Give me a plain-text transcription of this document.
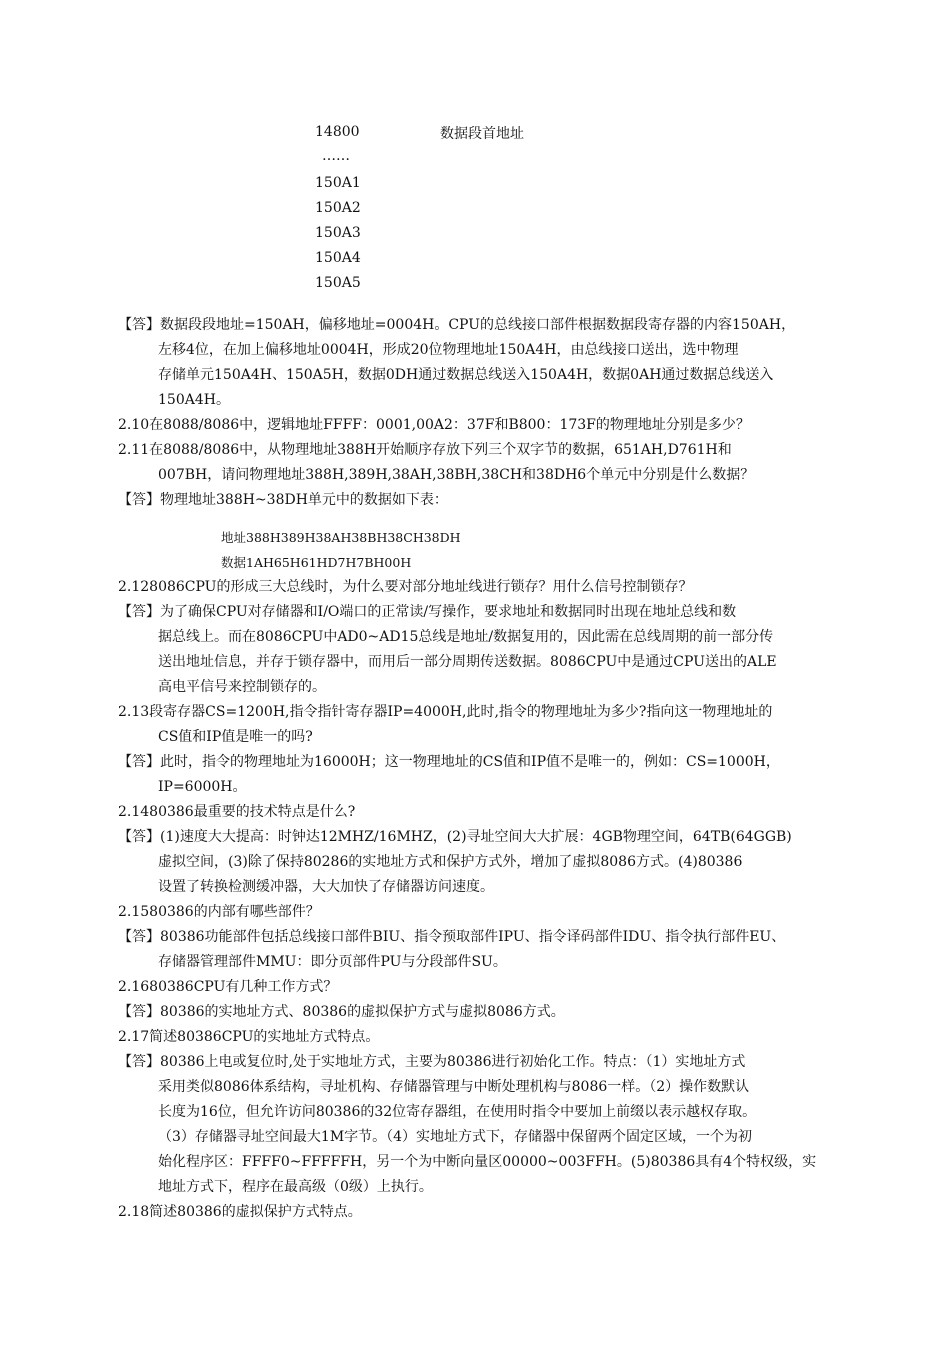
14800
……
150A1
150A2
150A3
150A4
150A5
数据段首地址
【答】数据段段地址=150AH，偏移地址=0004H。CPU的总线接口部件根据数据段寄存器的内容150AH，
左移4位，在加上偏移地址0004H，形成20位物理地址150A4H，由总线接口送出，选中物理
存储单元150A4H、150A5H，数据0DH通过数据总线送入150A4H，数据0AH通过数据总线送入
150A4H。
2.10在8088/8086中，逻辑地址FFFF：0001,00A2：37F和B800：173F的物理地址分别是多少？
2.11在8088/8086中，从物理地址388H开始顺序存放下列三个双字节的数据，651AH,D761H和
007BH，请问物理地址388H,389H,38AH,38BH,38CH和38DH6个单元中分别是什么数据？
【答】物理地址388H~38DH单元中的数据如下表：
地址388H389H38AH38BH38CH38DH
数据1AH65H61HD7H7BH00H
2.128086CPU的形成三大总线时，为什么要对部分地址线进行锁存？用什么信号控制锁存？
【答】为了确保CPU对存储器和I/O端口的正常读/写操作，要求地址和数据同时出现在地址总线和数
据总线上。而在8086CPU中AD0~AD15总线是地址/数据复用的，因此需在总线周期的前一部分传
送出地址信息，并存于锁存器中，而用后一部分周期传送数据。8086CPU中是通过CPU送出的ALE
高电平信号来控制锁存的。
2.13段寄存器CS=1200H,指令指针寄存器IP=4000H,此时,指令的物理地址为多少?指向这一物理地址的
CS值和IP值是唯一的吗?
【答】此时，指令的物理地址为16000H；这一物理地址的CS值和IP值不是唯一的，例如：CS=1000H，
IP=6000H。
2.1480386最重要的技术特点是什么?
【答】(1)速度大大提高：时钟达12MHZ/16MHZ，(2)寻址空间大大扩展：4GB物理空间，64TB(64GGB)
虚拟空间，(3)除了保持80286的实地址方式和保护方式外，增加了虚拟8086方式。(4)80386
设置了转换检测缓冲器，大大加快了存储器访问速度。
2.1580386的内部有哪些部件？
【答】80386功能部件包括总线接口部件BIU、指令预取部件IPU、指令译码部件IDU、指令执行部件EU、
存储器管理部件MMU：即分页部件PU与分段部件SU。
2.1680386CPU有几种工作方式？
【答】80386的实地址方式、80386的虚拟保护方式与虚拟8086方式。
2.17简述80386CPU的实地址方式特点。
【答】80386上电或复位时,处于实地址方式，主要为80386进行初始化工作。特点：（1）实地址方式
采用类似8086体系结构，寻址机构、存储器管理与中断处理机构与8086一样。（2）操作数默认
长度为16位，但允许访问80386的32位寄存器组，在使用时指令中要加上前缀以表示越权存取。
（3）存储器寻址空间最大1M字节。（4）实地址方式下，存储器中保留两个固定区域，一个为初
始化程序区：FFFF0~FFFFFH，另一个为中断向量区00000~003FFH。(5)80386具有4个特权级，实
地址方式下，程序在最高级（0级）上执行。
2.18简述80386的虚拟保护方式特点。
